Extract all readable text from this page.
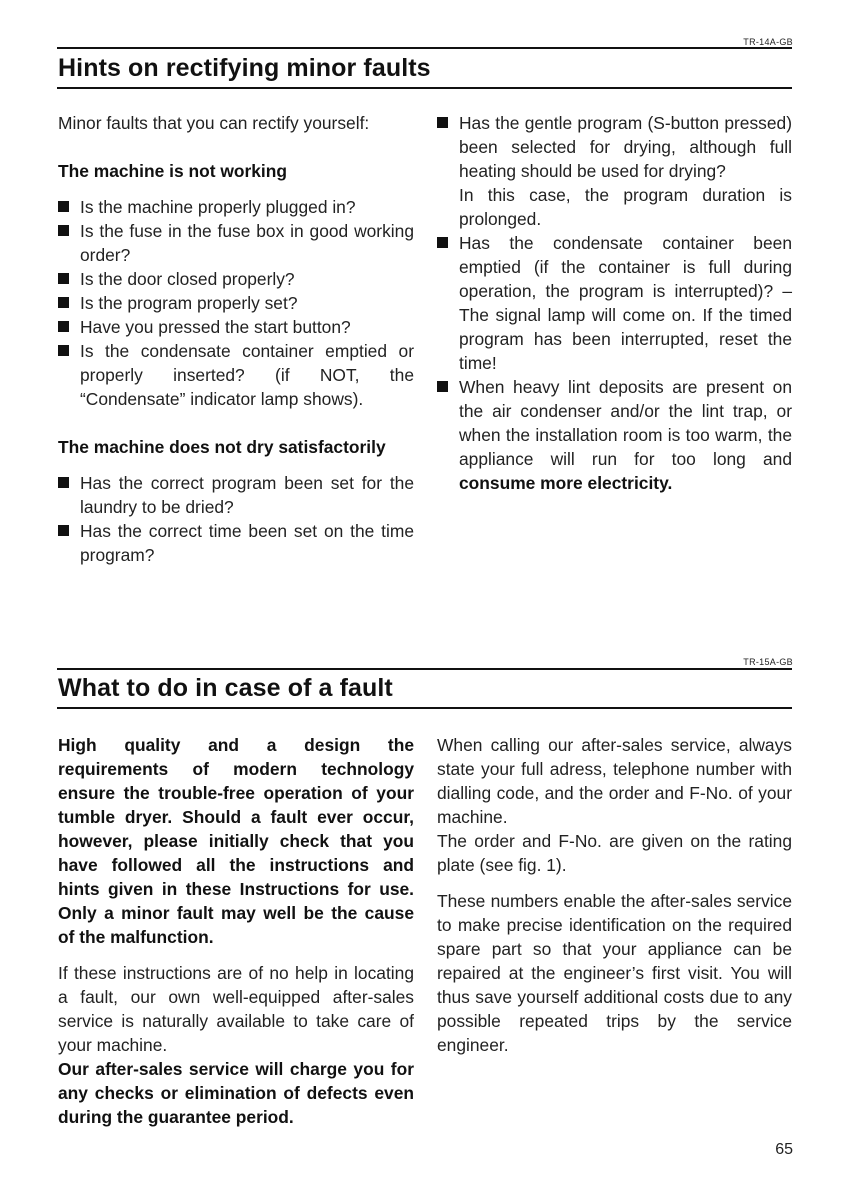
TR-14A-GB
Hints on rectifying minor faults

Minor faults that you can rectify yourself:

The machine is not working

Is the machine properly plugged in?
Is the fuse in the fuse box in good working order?
Is the door closed properly?
Is the program properly set?
Have you pressed the start button?
Is the condensate container emptied or properly inserted? (if NOT, the “Condensate” indicator lamp shows).

The machine does not dry satisfactorily

Has the correct program been set for the laundry to be dried?
Has the correct time been set on the time program?
Has the gentle program (S-button pressed) been selected for drying, although full heating should be used for drying?
In this case, the program duration is prolonged.
Has the condensate container been emptied (if the container is full during operation, the program is interrupted)? – The signal lamp will come on. If the timed program has been interrupted, reset the time!
When heavy lint deposits are present on the air condenser and/or the lint trap, or when the installation room is too warm, the appliance will run for too long and consume more electricity.
TR-15A-GB
What to do in case of a fault

High quality and a design the requirements of modern technology ensure the trouble-free operation of your tumble dryer. Should a fault ever occur, however, please initially check that you have followed all the instructions and hints given in these Instructions for use. Only a minor fault may well be the cause of the malfunction.

If these instructions are of no help in locating a fault, our own well-equipped after-sales service is naturally available to take care of your machine.

Our after-sales service will charge you for any checks or elimination of defects even during the guarantee period.

When calling our after-sales service, always state your full adress, telephone number with dialling code, and the order and F-No. of your machine.

The order and F-No. are given on the rating plate (see fig. 1).

These numbers enable the after-sales service to make precise identification on the required spare part so that your appliance can be repaired at the engineer’s first visit. You will thus save yourself additional costs due to any possible repeated trips by the service engineer.

65
